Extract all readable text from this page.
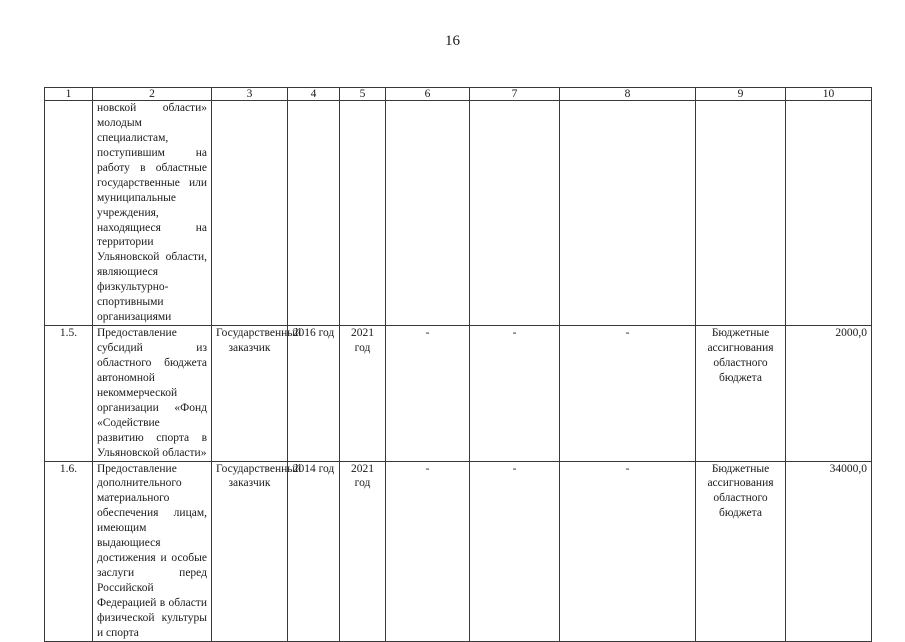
16
1	2	3	4	5	6	7	8	9	10
	новской области» молодым специалистам, поступившим на работу в областные государственные или муниципальные учреждения, находящиеся на территории Ульяновской области, являющиеся физкультурно-спортивными организациями								
1.5.	Предоставление субсидий из областного бюджета автономной некоммерческой организации «Фонд «Содействие развитию спорта в Ульяновской области»	Государственный заказчик	2016 год	2021 год	-	-	-	Бюджетные ассигнования областного бюджета	2000,0
1.6.	Предоставление дополнительного материального обеспечения лицам, имеющим выдающиеся достижения и особые заслуги перед Российской Федерацией в области физической культуры и спорта	Государственный заказчик	2014 год	2021 год	-	-	-	Бюджетные ассигнования областного бюджета	34000,0
